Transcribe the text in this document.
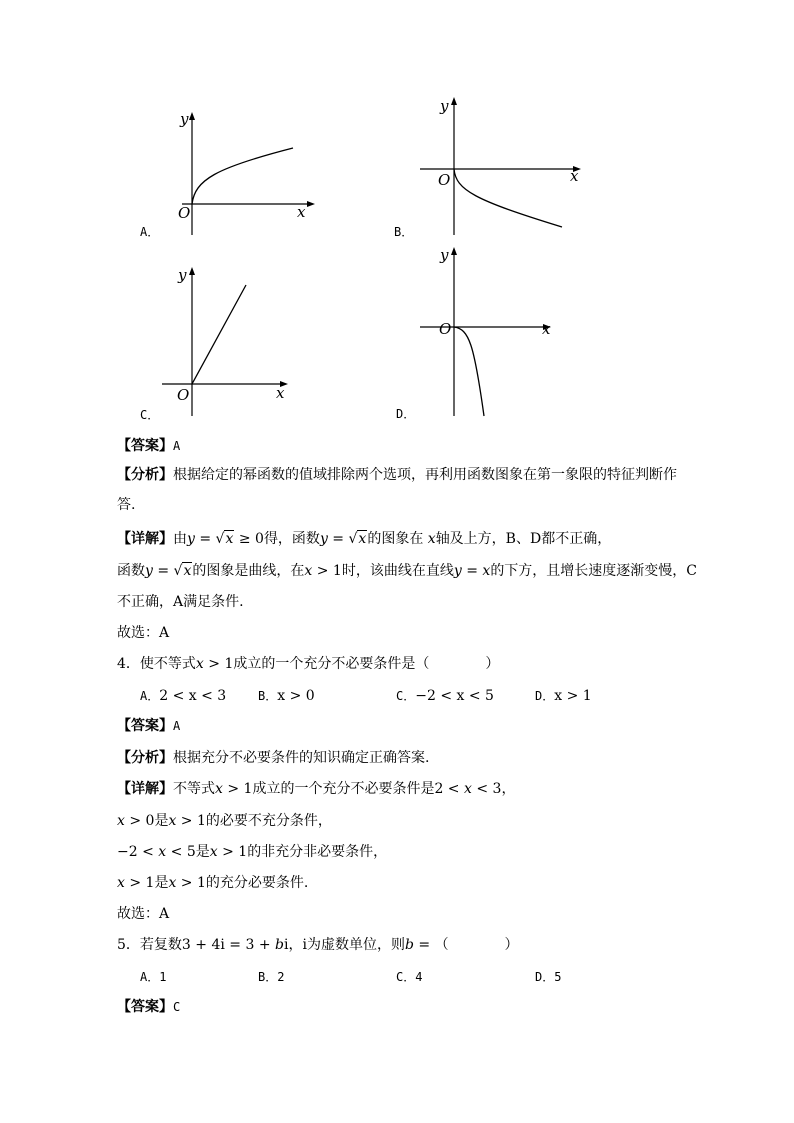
y
x
O
A．
y
x
O
B．
y
x
O
C．
y
x
O
D．
【答案】A
【分析】根据给定的幂函数的值域排除两个选项，再利用函数图象在第一象限的特征判断作答.
【详解】由y = √x ≥ 0得，函数y = √x的图象在 x轴及上方，B、D都不正确，
函数y = √x的图象是曲线，在x > 1时，该曲线在直线y = x的下方，且增长速度逐渐变慢，C
不正确，A满足条件.
故选：A
4．使不等式x > 1成立的一个充分不必要条件是（　　　　）
A．2 < x < 3	B．x > 0	C．−2 < x < 5	D．x > 1
【答案】A
【分析】根据充分不必要条件的知识确定正确答案.
【详解】不等式x > 1成立的一个充分不必要条件是2 < x < 3，
x > 0是x > 1的必要不充分条件，
−2 < x < 5是x > 1的非充分非必要条件，
x > 1是x > 1的充分必要条件.
故选：A
5．若复数3 + 4i = 3 + bi，i为虚数单位，则b = （　　　　）
A．1	B．2	C．4	D．5
【答案】C
